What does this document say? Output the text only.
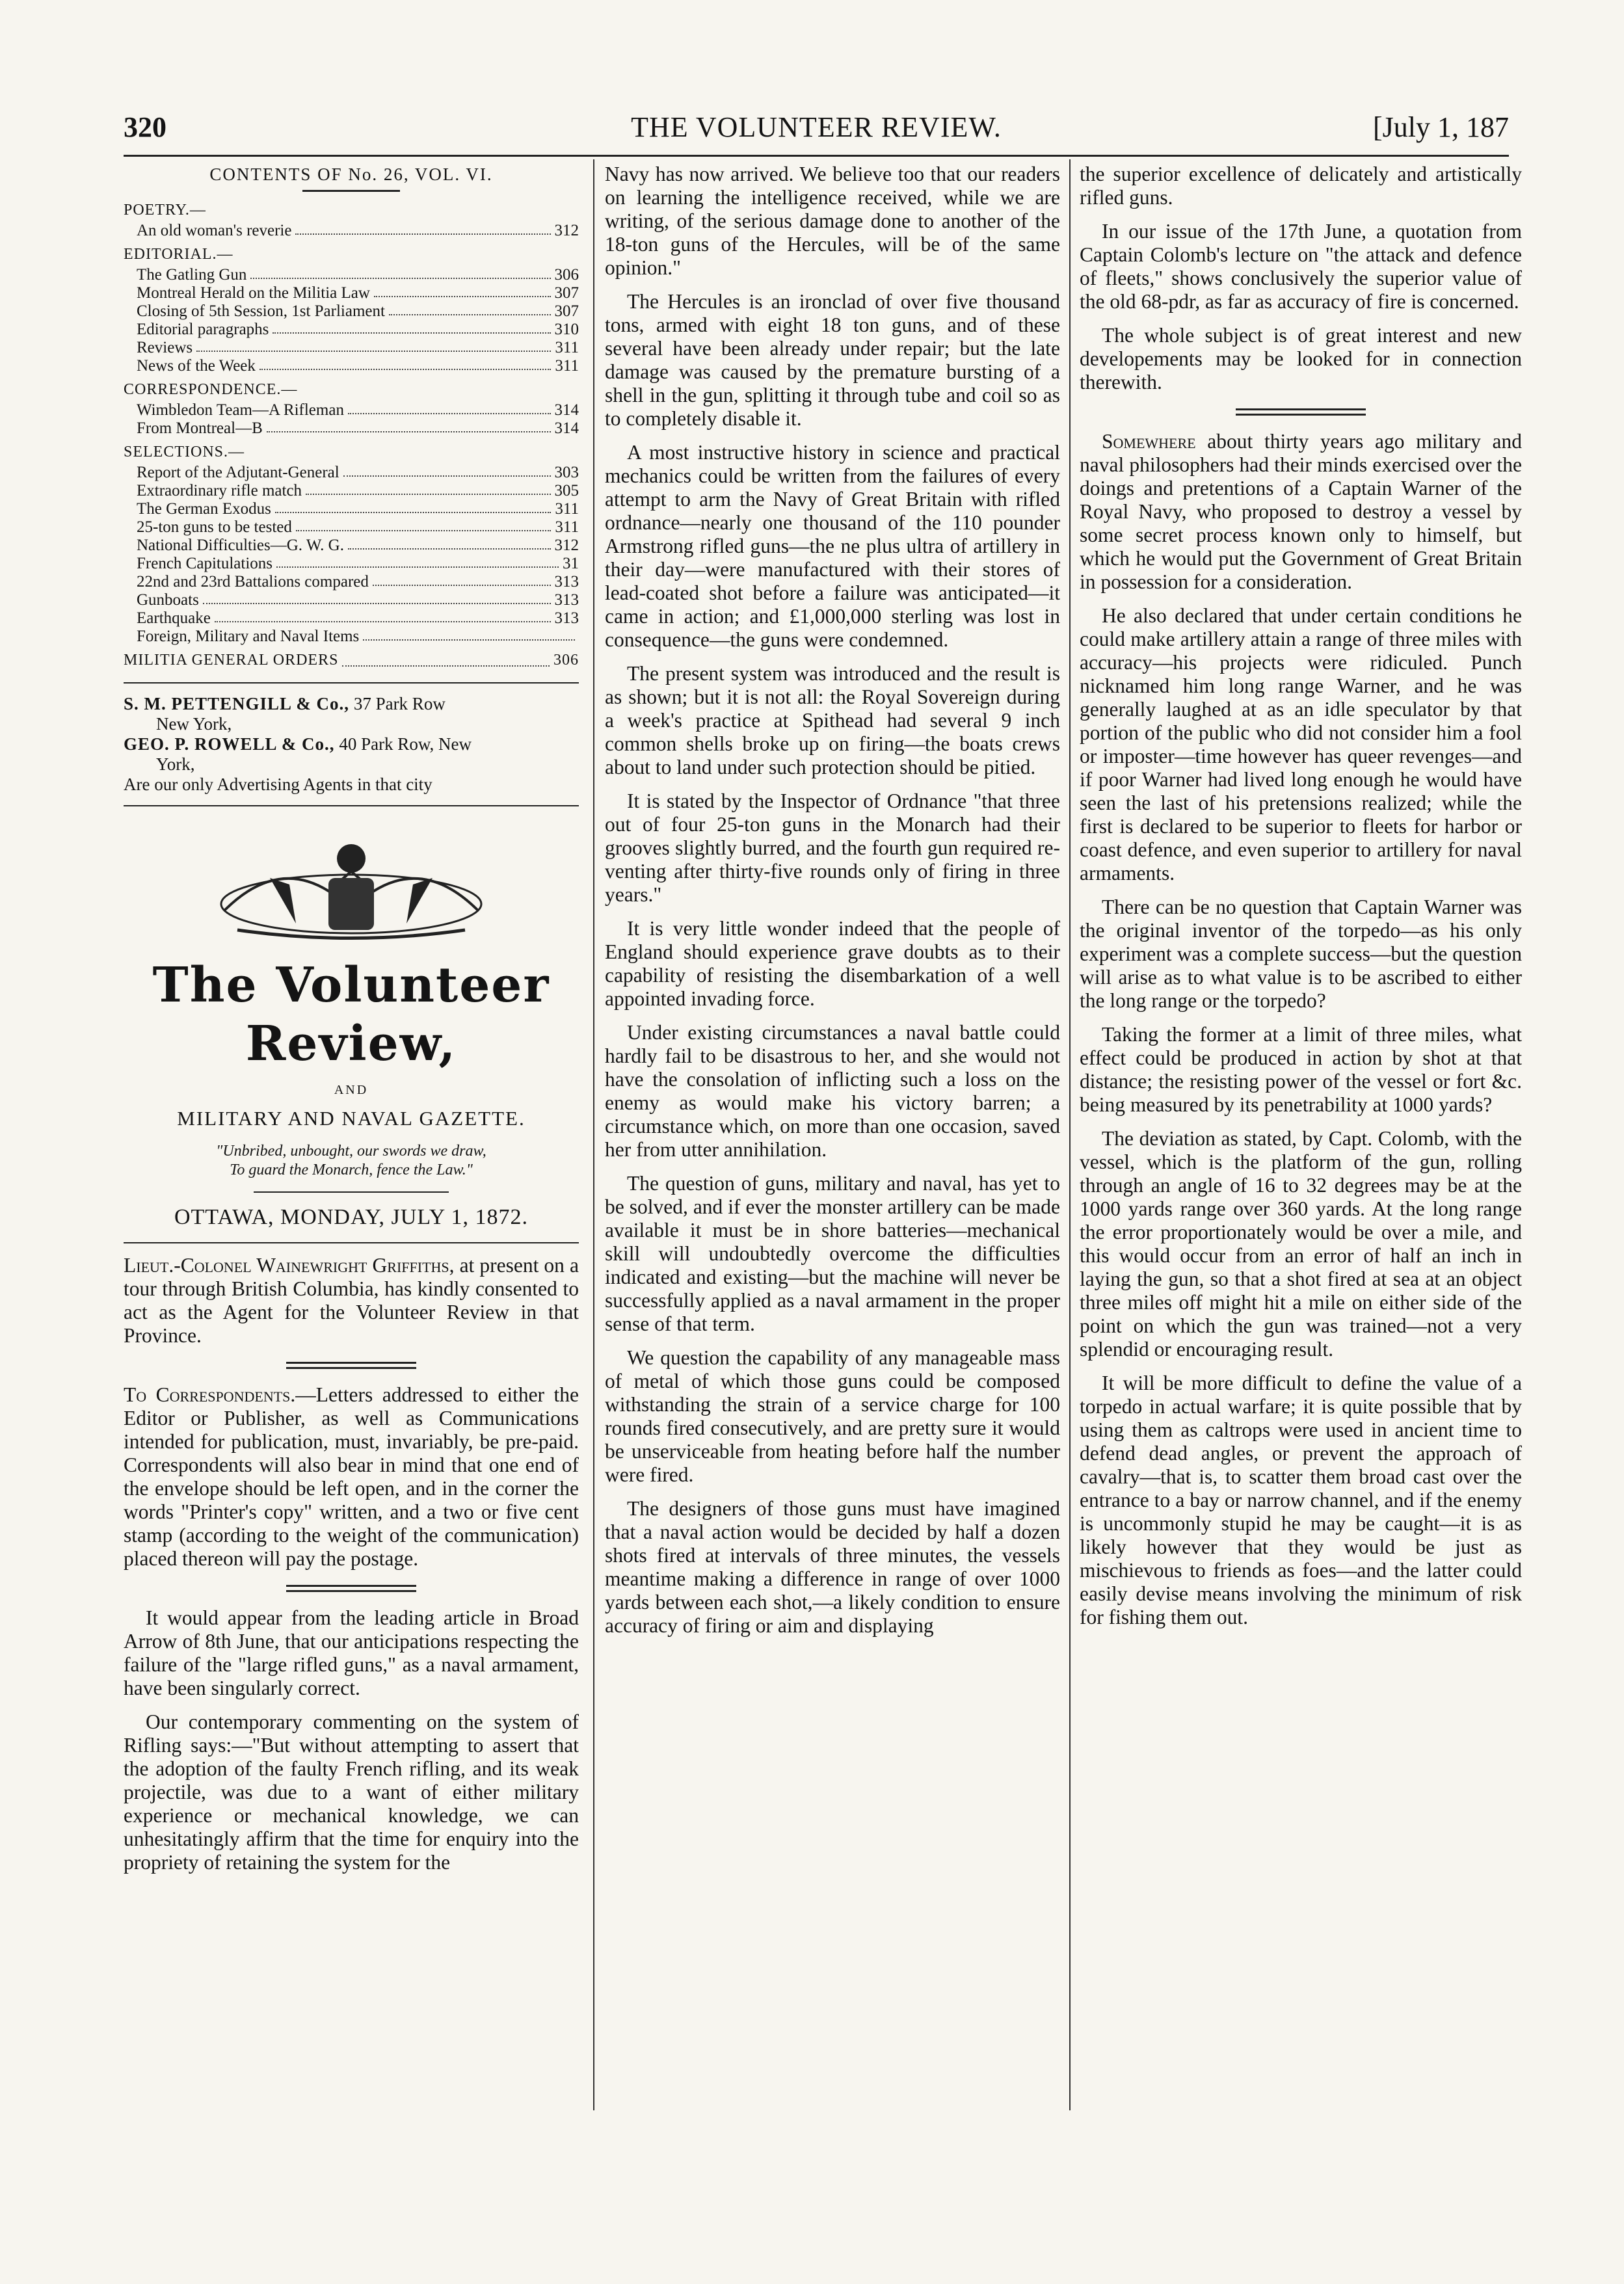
320	THE VOLUNTEER REVIEW.	[July 1, 187
CONTENTS OF No. 26, VOL. VI.
POETRY.—
An old woman's reverie	312
EDITORIAL.—
The Gatling Gun	306
Montreal Herald on the Militia Law	307
Closing of 5th Session, 1st Parliament	307
Editorial paragraphs	310
Reviews	311
News of the Week	311
CORRESPONDENCE.—
Wimbledon Team—A Rifleman	314
From Montreal—B	314
SELECTIONS.—
Report of the Adjutant-General	303
Extraordinary rifle match	305
The German Exodus	311
25-ton guns to be tested	311
National Difficulties—G. W. G.	312
French Capitulations	31
22nd and 23rd Battalions compared	313
Gunboats	313
Earthquake	313
Foreign, Military and Naval Items
MILITIA GENERAL ORDERS	306
S. M. PETTENGILL & Co., 37 Park Row
New York,
GEO. P. ROWELL & Co., 40 Park Row, New
York,
Are our only Advertising Agents in that city
The Volunteer Review,
AND
MILITARY AND NAVAL GAZETTE.
"Unbribed, unbought, our swords we draw,
To guard the Monarch, fence the Law."
OTTAWA, MONDAY, JULY 1, 1872.

Lieut.-Colonel Wainewright Griffiths, at present on a tour through British Columbia, has kindly consented to act as the Agent for the Volunteer Review in that Province.

To Correspondents.—Letters addressed to either the Editor or Publisher, as well as Communications intended for publication, must, invariably, be pre-paid. Correspondents will also bear in mind that one end of the envelope should be left open, and in the corner the words "Printer's copy" written, and a two or five cent stamp (according to the weight of the communication) placed thereon will pay the postage.

It would appear from the leading article in Broad Arrow of 8th June, that our anticipations respecting the failure of the "large rifled guns," as a naval armament, have been singularly correct.

Our contemporary commenting on the system of Rifling says:—"But without attempting to assert that the adoption of the faulty French rifling, and its weak projectile, was due to a want of either military experience or mechanical knowledge, we can unhesitatingly affirm that the time for enquiry into the propriety of retaining the system for the

Navy has now arrived. We believe too that our readers on learning the intelligence received, while we are writing, of the serious damage done to another of the 18-ton guns of the Hercules, will be of the same opinion."

The Hercules is an ironclad of over five thousand tons, armed with eight 18 ton guns, and of these several have been already under repair; but the late damage was caused by the premature bursting of a shell in the gun, splitting it through tube and coil so as to completely disable it.

A most instructive history in science and practical mechanics could be written from the failures of every attempt to arm the Navy of Great Britain with rifled ordnance—nearly one thousand of the 110 pounder Armstrong rifled guns—the ne plus ultra of artillery in their day—were manufactured with their stores of lead-coated shot before a failure was anticipated—it came in action; and £1,000,000 sterling was lost in consequence—the guns were condemned.

The present system was introduced and the result is as shown; but it is not all: the Royal Sovereign during a week's practice at Spithead had several 9 inch common shells broke up on firing—the boats crews about to land under such protection should be pitied.

It is stated by the Inspector of Ordnance "that three out of four 25-ton guns in the Monarch had their grooves slightly burred, and the fourth gun required re-venting after thirty-five rounds only of firing in three years."

It is very little wonder indeed that the people of England should experience grave doubts as to their capability of resisting the disembarkation of a well appointed invading force.

Under existing circumstances a naval battle could hardly fail to be disastrous to her, and she would not have the consolation of inflicting such a loss on the enemy as would make his victory barren; a circumstance which, on more than one occasion, saved her from utter annihilation.

The question of guns, military and naval, has yet to be solved, and if ever the monster artillery can be made available it must be in shore batteries—mechanical skill will undoubtedly overcome the difficulties indicated and existing—but the machine will never be successfully applied as a naval armament in the proper sense of that term.

We question the capability of any manageable mass of metal of which those guns could be composed withstanding the strain of a service charge for 100 rounds fired consecutively, and are pretty sure it would be unserviceable from heating before half the number were fired.

The designers of those guns must have imagined that a naval action would be decided by half a dozen shots fired at intervals of three minutes, the vessels meantime making a difference in range of over 1000 yards between each shot,—a likely condition to ensure accuracy of firing or aim and displaying

the superior excellence of delicately and artistically rifled guns.

In our issue of the 17th June, a quotation from Captain Colomb's lecture on "the attack and defence of fleets," shows conclusively the superior value of the old 68-pdr, as far as accuracy of fire is concerned.

The whole subject is of great interest and new developements may be looked for in connection therewith.

Somewhere about thirty years ago military and naval philosophers had their minds exercised over the doings and pretentions of a Captain Warner of the Royal Navy, who proposed to destroy a vessel by some secret process known only to himself, but which he would put the Government of Great Britain in possession for a consideration.

He also declared that under certain conditions he could make artillery attain a range of three miles with accuracy—his projects were ridiculed. Punch nicknamed him long range Warner, and he was generally laughed at as an idle speculator by that portion of the public who did not consider him a fool or imposter—time however has queer revenges—and if poor Warner had lived long enough he would have seen the last of his pretensions realized; while the first is declared to be superior to fleets for harbor or coast defence, and even superior to artillery for naval armaments.

There can be no question that Captain Warner was the original inventor of the torpedo—as his only experiment was a complete success—but the question will arise as to what value is to be ascribed to either the long range or the torpedo?

Taking the former at a limit of three miles, what effect could be produced in action by shot at that distance; the resisting power of the vessel or fort &c. being measured by its penetrability at 1000 yards?

The deviation as stated, by Capt. Colomb, with the vessel, which is the platform of the gun, rolling through an angle of 16 to 32 degrees may be at the 1000 yards range over 360 yards. At the long range the error proportionately would be over a mile, and this would occur from an error of half an inch in laying the gun, so that a shot fired at sea at an object three miles off might hit a mile on either side of the point on which the gun was trained—not a very splendid or encouraging result.

It will be more difficult to define the value of a torpedo in actual warfare; it is quite possible that by using them as caltrops were used in ancient time to defend dead angles, or prevent the approach of cavalry—that is, to scatter them broad cast over the entrance to a bay or narrow channel, and if the enemy is uncommonly stupid he may be caught—it is as likely however that they would be just as mischievous to friends as foes—and the latter could easily devise means involving the minimum of risk for fishing them out.
